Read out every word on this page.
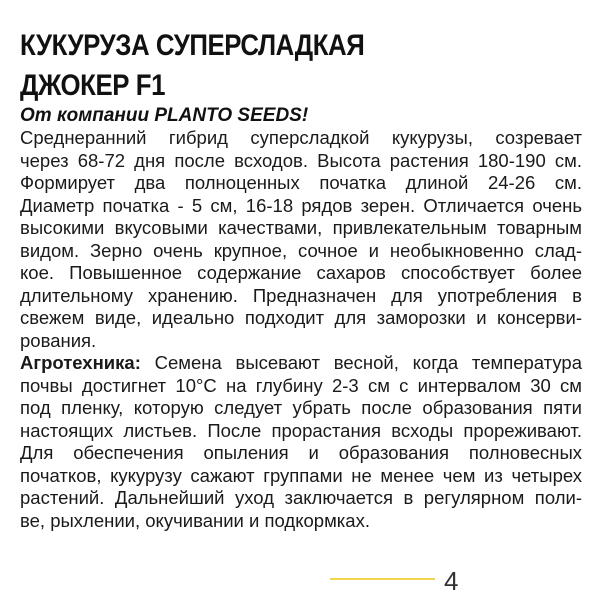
КУКУРУЗА СУПЕРСЛАДКАЯ
ДЖОКЕР F1

От компании PLANTO SEEDS!

Среднеранний гибрид суперсладкой кукурузы, созревает
через 68-72 дня после всходов. Высота растения 180-190 см.
Формирует два полноценных початка длиной 24-26 см.
Диаметр початка - 5 см, 16-18 рядов зерен. Отличается очень
высокими вкусовыми качествами, привлекательным товарным
видом. Зерно очень крупное, сочное и необыкновенно слад-
кое. Повышенное содержание сахаров способствует более
длительному хранению. Предназначен для употребления в
свежем виде, идеально подходит для заморозки и консерви-
рования.
Агротехника: Семена высевают весной, когда температура
почвы достигнет 10°С на глубину 2-3 см с интервалом 30 см
под пленку, которую следует убрать после образования пяти
настоящих листьев. После прорастания всходы прореживают.
Для обеспечения опыления и образования полновесных
початков, кукурузу сажают группами не менее чем из четырех
растений. Дальнейший уход заключается в регулярном поли-
ве, рыхлении, окучивании и подкормках.
4
